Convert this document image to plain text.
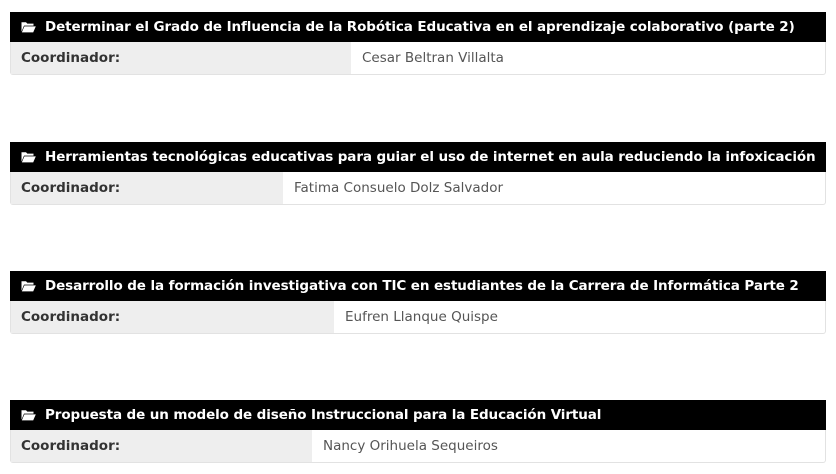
Determinar el Grado de Influencia de la Robótica Educativa en el aprendizaje colaborativo (parte 2)
Coordinador:	Cesar Beltran Villalta
Herramientas tecnológicas educativas para guiar el uso de internet en aula reduciendo la infoxicación
Coordinador:	Fatima Consuelo Dolz Salvador
Desarrollo de la formación investigativa con TIC en estudiantes de la Carrera de Informática Parte 2
Coordinador:	Eufren Llanque Quispe
Propuesta de un modelo de diseño Instruccional para la Educación Virtual
Coordinador:	Nancy Orihuela Sequeiros
